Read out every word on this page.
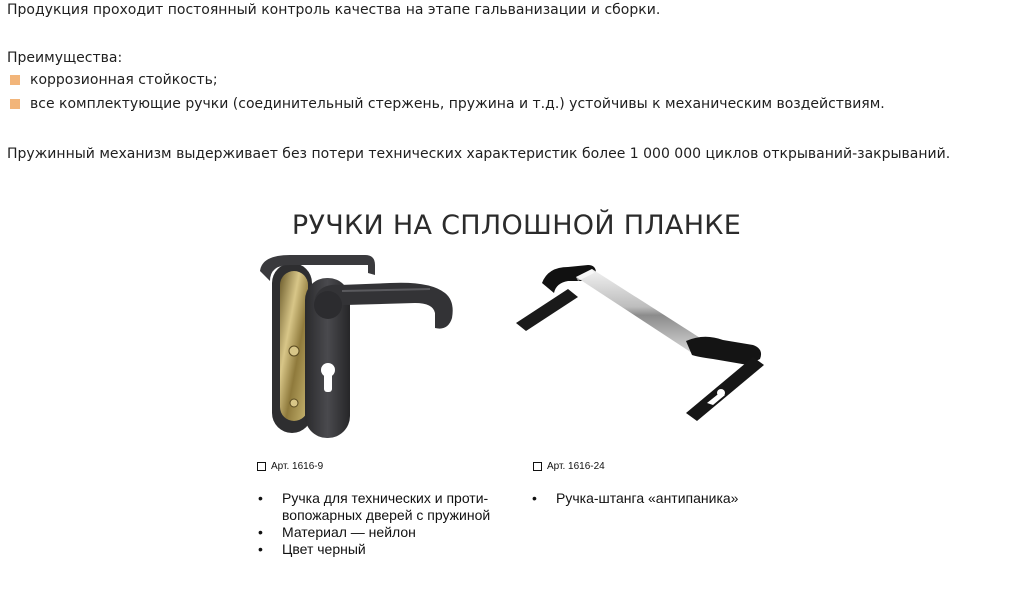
Продукция проходит постоянный контроль качества на этапе гальванизации и сборки.
Преимущества:
коррозионная стойкость;
все комплектующие ручки (соединительный стержень, пружина и т.д.) устойчивы к механическим воздействиям.
Пружинный механизм выдерживает без потери технических характеристик более 1 000 000 циклов открываний-закрываний.
РУЧКИ НА СПЛОШНОЙ ПЛАНКЕ
Арт. 1616-9	Арт. 1616-24
• Ручка для технических и проти-вопожарных дверей с пружиной
• Материал — нейлон
• Цвет черный
• Ручка-штанга «антипаника»
